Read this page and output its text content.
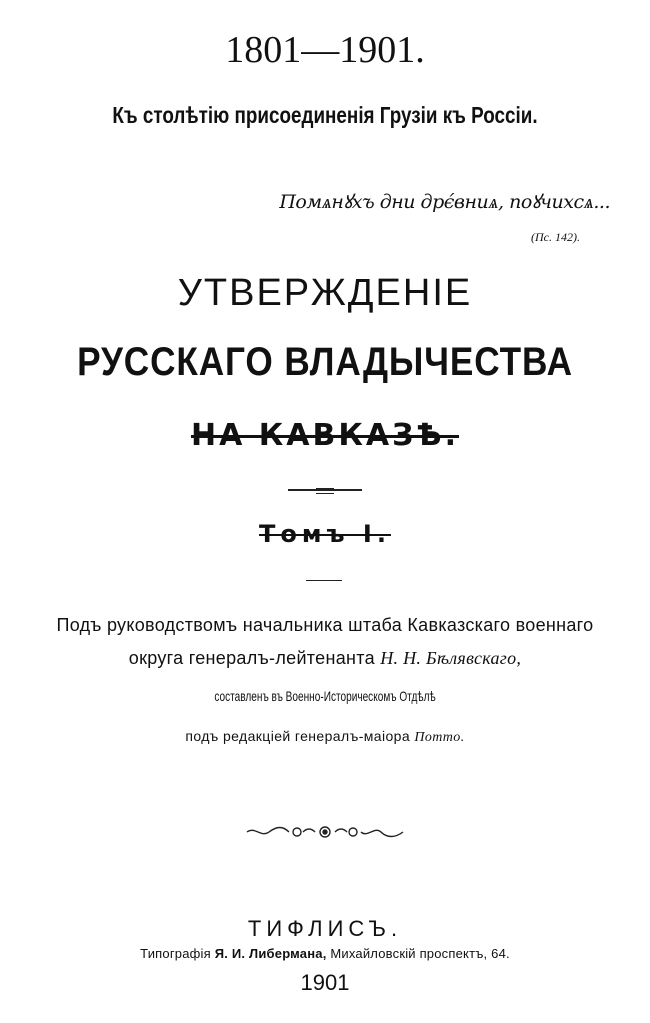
1801—1901.
Къ столѣтію присоединенія Грузіи къ Россіи.
Помѧнꙋхъ дни дрє́вниѧ, поꙋчихсѧ...
(Пс. 142).
УТВЕРЖДЕНІЕ
РУССКАГО ВЛАДЫЧЕСТВА
НА КАВКАЗѢ.
Томъ I.
Подъ руководствомъ начальника штаба Кавказскаго военнаго
округа генералъ-лейтенанта Н. Н. Бѣлявскаго,
составленъ въ Военно-Историческомъ Отдѣлѣ
подъ редакціей генералъ-маіора Потто.
ТИФЛИСЪ.
Типографія Я. И. Либермана, Михайловскій проспектъ, 64.
1901
